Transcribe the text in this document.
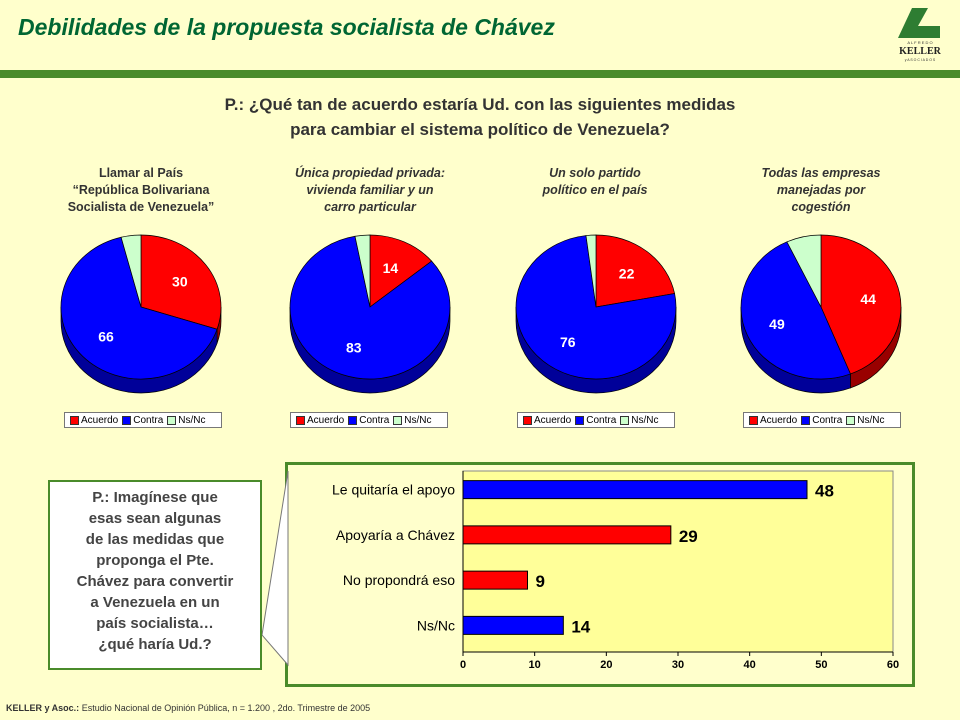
Debilidades de la propuesta socialista de Chávez
A L F R E D O
KELLER
y A S O C I A D O S
P.: ¿Qué tan de acuerdo estaría Ud. con las siguientes medidas
para cambiar el sistema político de Venezuela?
Llamar al País
“República Bolivariana
Socialista de Venezuela”
Única propiedad privada:
vivienda familiar y un
carro particular
Un solo partido
político en el país
Todas las empresas
manejadas por
cogestión
30
66
14
83
22
76
44
49
Acuerdo Contra Ns/Nc	Acuerdo Contra Ns/Nc	Acuerdo Contra Ns/Nc	Acuerdo Contra Ns/Nc
0	10	20	30	40	50	60
Le quitaría el apoyo	48
Apoyaría a Chávez	29
No propondrá eso	9
Ns/Nc	14
P.: Imagínese que
esas sean algunas
de las medidas que
proponga el Pte.
Chávez para convertir
a Venezuela en un
país socialista…
¿qué haría Ud.?
KELLER y Asoc.: Estudio Nacional de Opinión Pública, n = 1.200 , 2do. Trimestre de 2005
